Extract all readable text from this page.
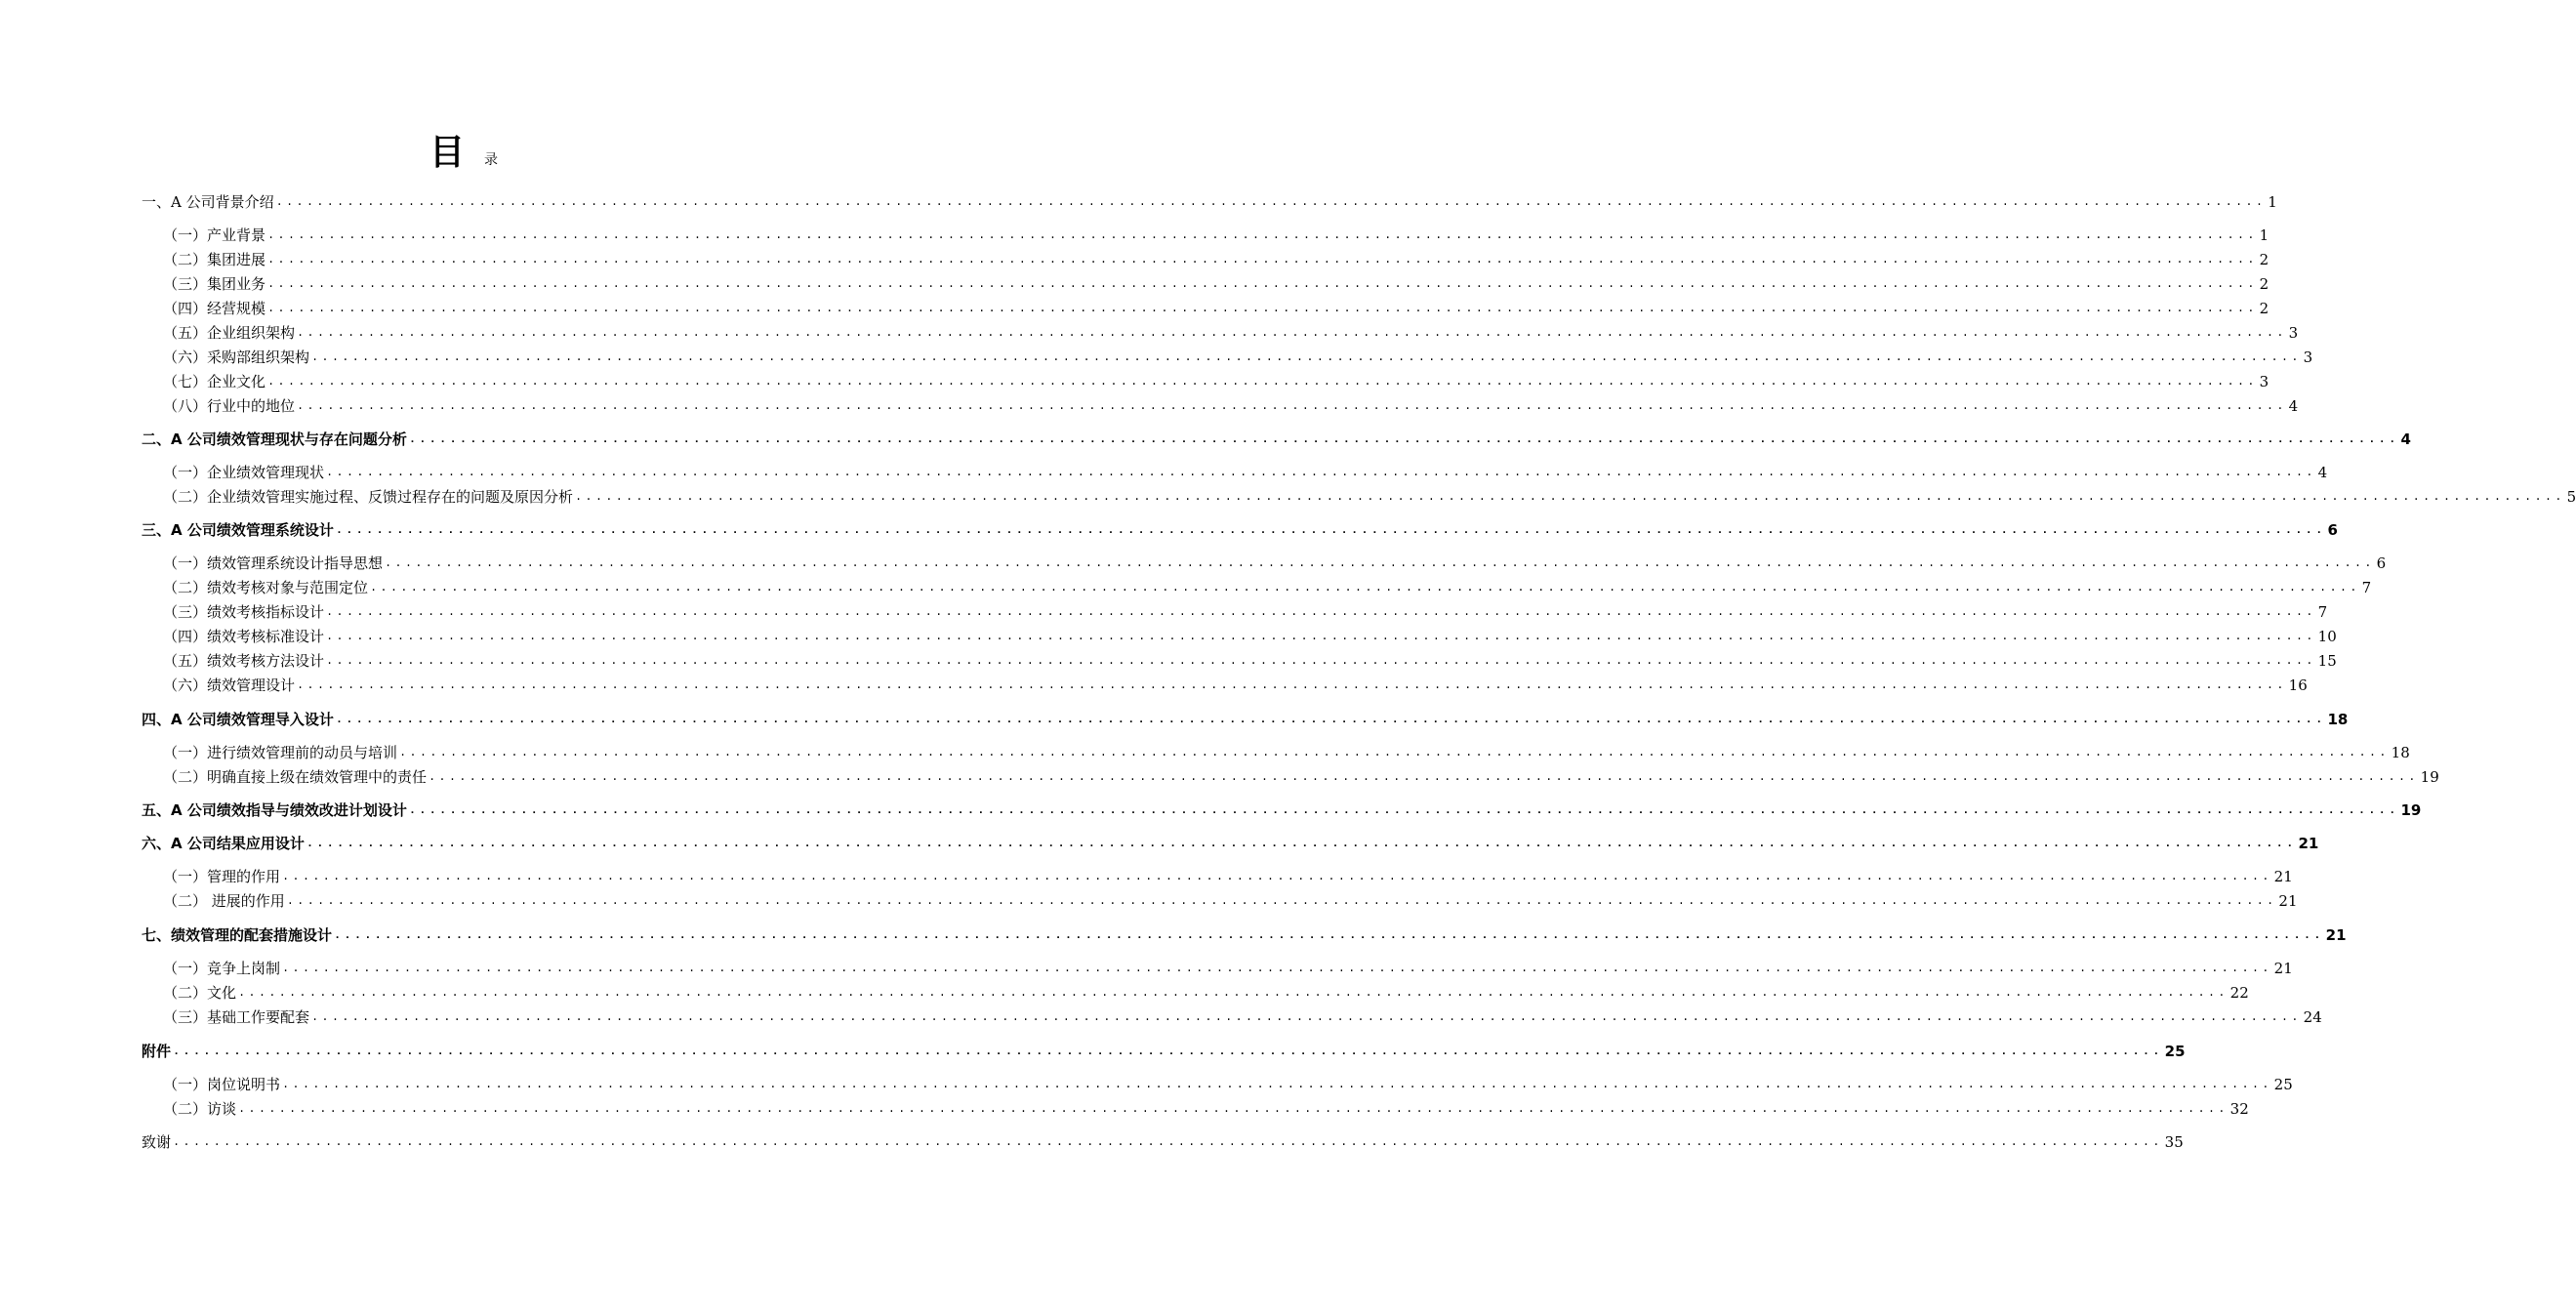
目 录
一、A 公司背景介绍 .................................................................................................................................................................................................... 1
（一）产业背景 .................................................................................................................................................................................................... 1
（二）集团进展 .................................................................................................................................................................................................... 2
（三）集团业务 .................................................................................................................................................................................................... 2
（四）经营规模 .................................................................................................................................................................................................... 2
（五）企业组织架构 .................................................................................................................................................................................................... 3
（六）采购部组织架构 .................................................................................................................................................................................................... 3
（七）企业文化 .................................................................................................................................................................................................... 3
（八）行业中的地位 .................................................................................................................................................................................................... 4
二、A 公司绩效管理现状与存在问题分析 .................................................................................................................................................................................................... 4
（一）企业绩效管理现状 .................................................................................................................................................................................................... 4
（二）企业绩效管理实施过程、反馈过程存在的问题及原因分析 .................................................................................................................................................................................................... 5
三、A 公司绩效管理系统设计 .................................................................................................................................................................................................... 6
（一）绩效管理系统设计指导思想 .................................................................................................................................................................................................... 6
（二）绩效考核对象与范围定位 .................................................................................................................................................................................................... 7
（三）绩效考核指标设计 .................................................................................................................................................................................................... 7
（四）绩效考核标准设计 .................................................................................................................................................................................................... 10
（五）绩效考核方法设计 .................................................................................................................................................................................................... 15
（六）绩效管理设计 .................................................................................................................................................................................................... 16
四、A 公司绩效管理导入设计 .................................................................................................................................................................................................... 18
（一）进行绩效管理前的动员与培训 .................................................................................................................................................................................................... 18
（二）明确直接上级在绩效管理中的责任 .................................................................................................................................................................................................... 19
五、A 公司绩效指导与绩效改进计划设计 .................................................................................................................................................................................................... 19
六、A 公司结果应用设计 .................................................................................................................................................................................................... 21
（一）管理的作用 .................................................................................................................................................................................................... 21
（二） 进展的作用 .................................................................................................................................................................................................... 21
七、绩效管理的配套措施设计 .................................................................................................................................................................................................... 21
（一）竞争上岗制 .................................................................................................................................................................................................... 21
（二）文化 .................................................................................................................................................................................................... 22
（三）基础工作要配套 .................................................................................................................................................................................................... 24
附件 .................................................................................................................................................................................................... 25
（一）岗位说明书 .................................................................................................................................................................................................... 25
（二）访谈 .................................................................................................................................................................................................... 32
致谢 .................................................................................................................................................................................................... 35
